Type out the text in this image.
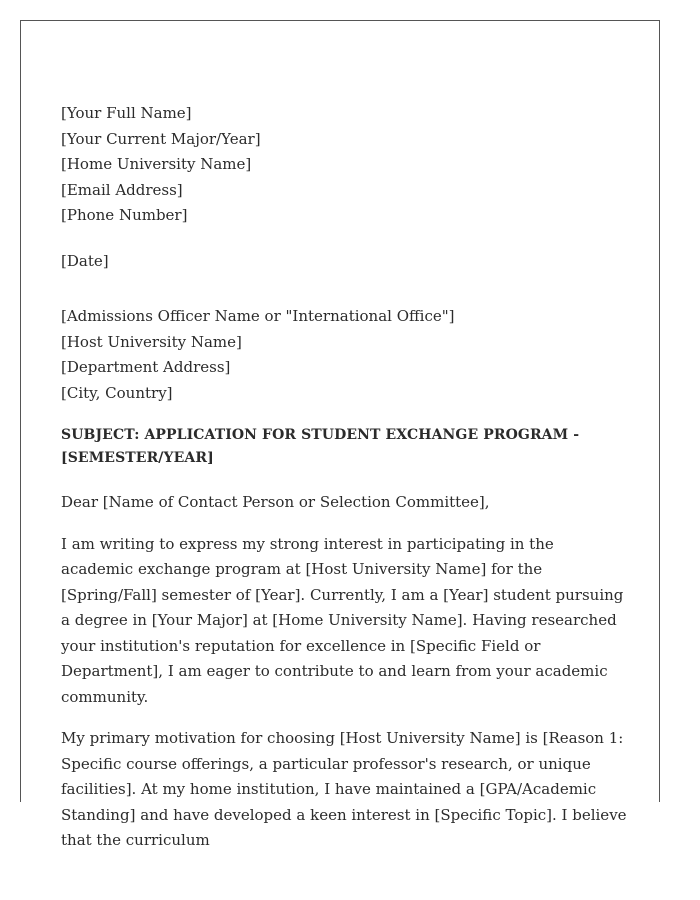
[Your Full Name]
[Your Current Major/Year]
[Home University Name]
[Email Address]
[Phone Number]
[Date]
[Admissions Officer Name or "International Office"]
[Host University Name]
[Department Address]
[City, Country]
SUBJECT: APPLICATION FOR STUDENT EXCHANGE PROGRAM -
[SEMESTER/YEAR]
Dear [Name of Contact Person or Selection Committee],

I am writing to express my strong interest in participating in the academic exchange program at [Host University Name] for the [Spring/Fall] semester of [Year]. Currently, I am a [Year] student pursuing a degree in [Your Major] at [Home University Name]. Having researched your institution's reputation for excellence in [Specific Field or Department], I am eager to contribute to and learn from your academic community.

My primary motivation for choosing [Host University Name] is [Reason 1: Specific course offerings, a particular professor's research, or unique facilities]. At my home institution, I have maintained a [GPA/Academic Standing] and have developed a keen interest in [Specific Topic]. I believe that the curriculum
